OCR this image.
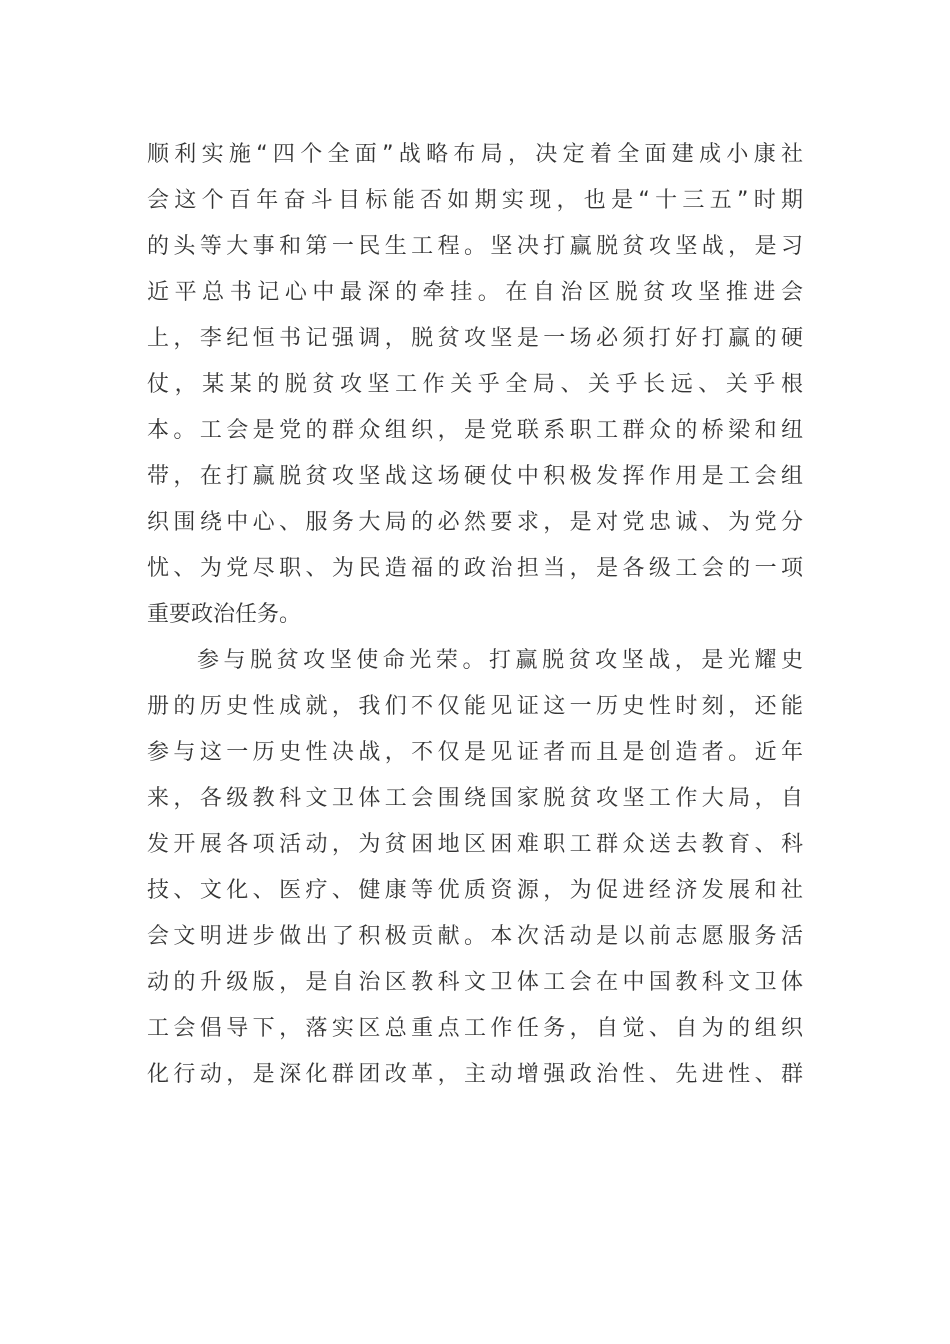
顺利实施“四个全面”战略布局，决定着全面建成小康社
会这个百年奋斗目标能否如期实现，也是“十三五”时期
的头等大事和第一民生工程。坚决打赢脱贫攻坚战，是习
近平总书记心中最深的牵挂。在自治区脱贫攻坚推进会
上，李纪恒书记强调，脱贫攻坚是一场必须打好打赢的硬
仗，某某的脱贫攻坚工作关乎全局、关乎长远、关乎根
本。工会是党的群众组织，是党联系职工群众的桥梁和纽
带，在打赢脱贫攻坚战这场硬仗中积极发挥作用是工会组
织围绕中心、服务大局的必然要求，是对党忠诚、为党分
忧、为党尽职、为民造福的政治担当，是各级工会的一项
重要政治任务。
参与脱贫攻坚使命光荣。打赢脱贫攻坚战，是光耀史
册的历史性成就，我们不仅能见证这一历史性时刻，还能
参与这一历史性决战，不仅是见证者而且是创造者。近年
来，各级教科文卫体工会围绕国家脱贫攻坚工作大局，自
发开展各项活动，为贫困地区困难职工群众送去教育、科
技、文化、医疗、健康等优质资源，为促进经济发展和社
会文明进步做出了积极贡献。本次活动是以前志愿服务活
动的升级版，是自治区教科文卫体工会在中国教科文卫体
工会倡导下，落实区总重点工作任务，自觉、自为的组织
化行动，是深化群团改革，主动增强政治性、先进性、群
